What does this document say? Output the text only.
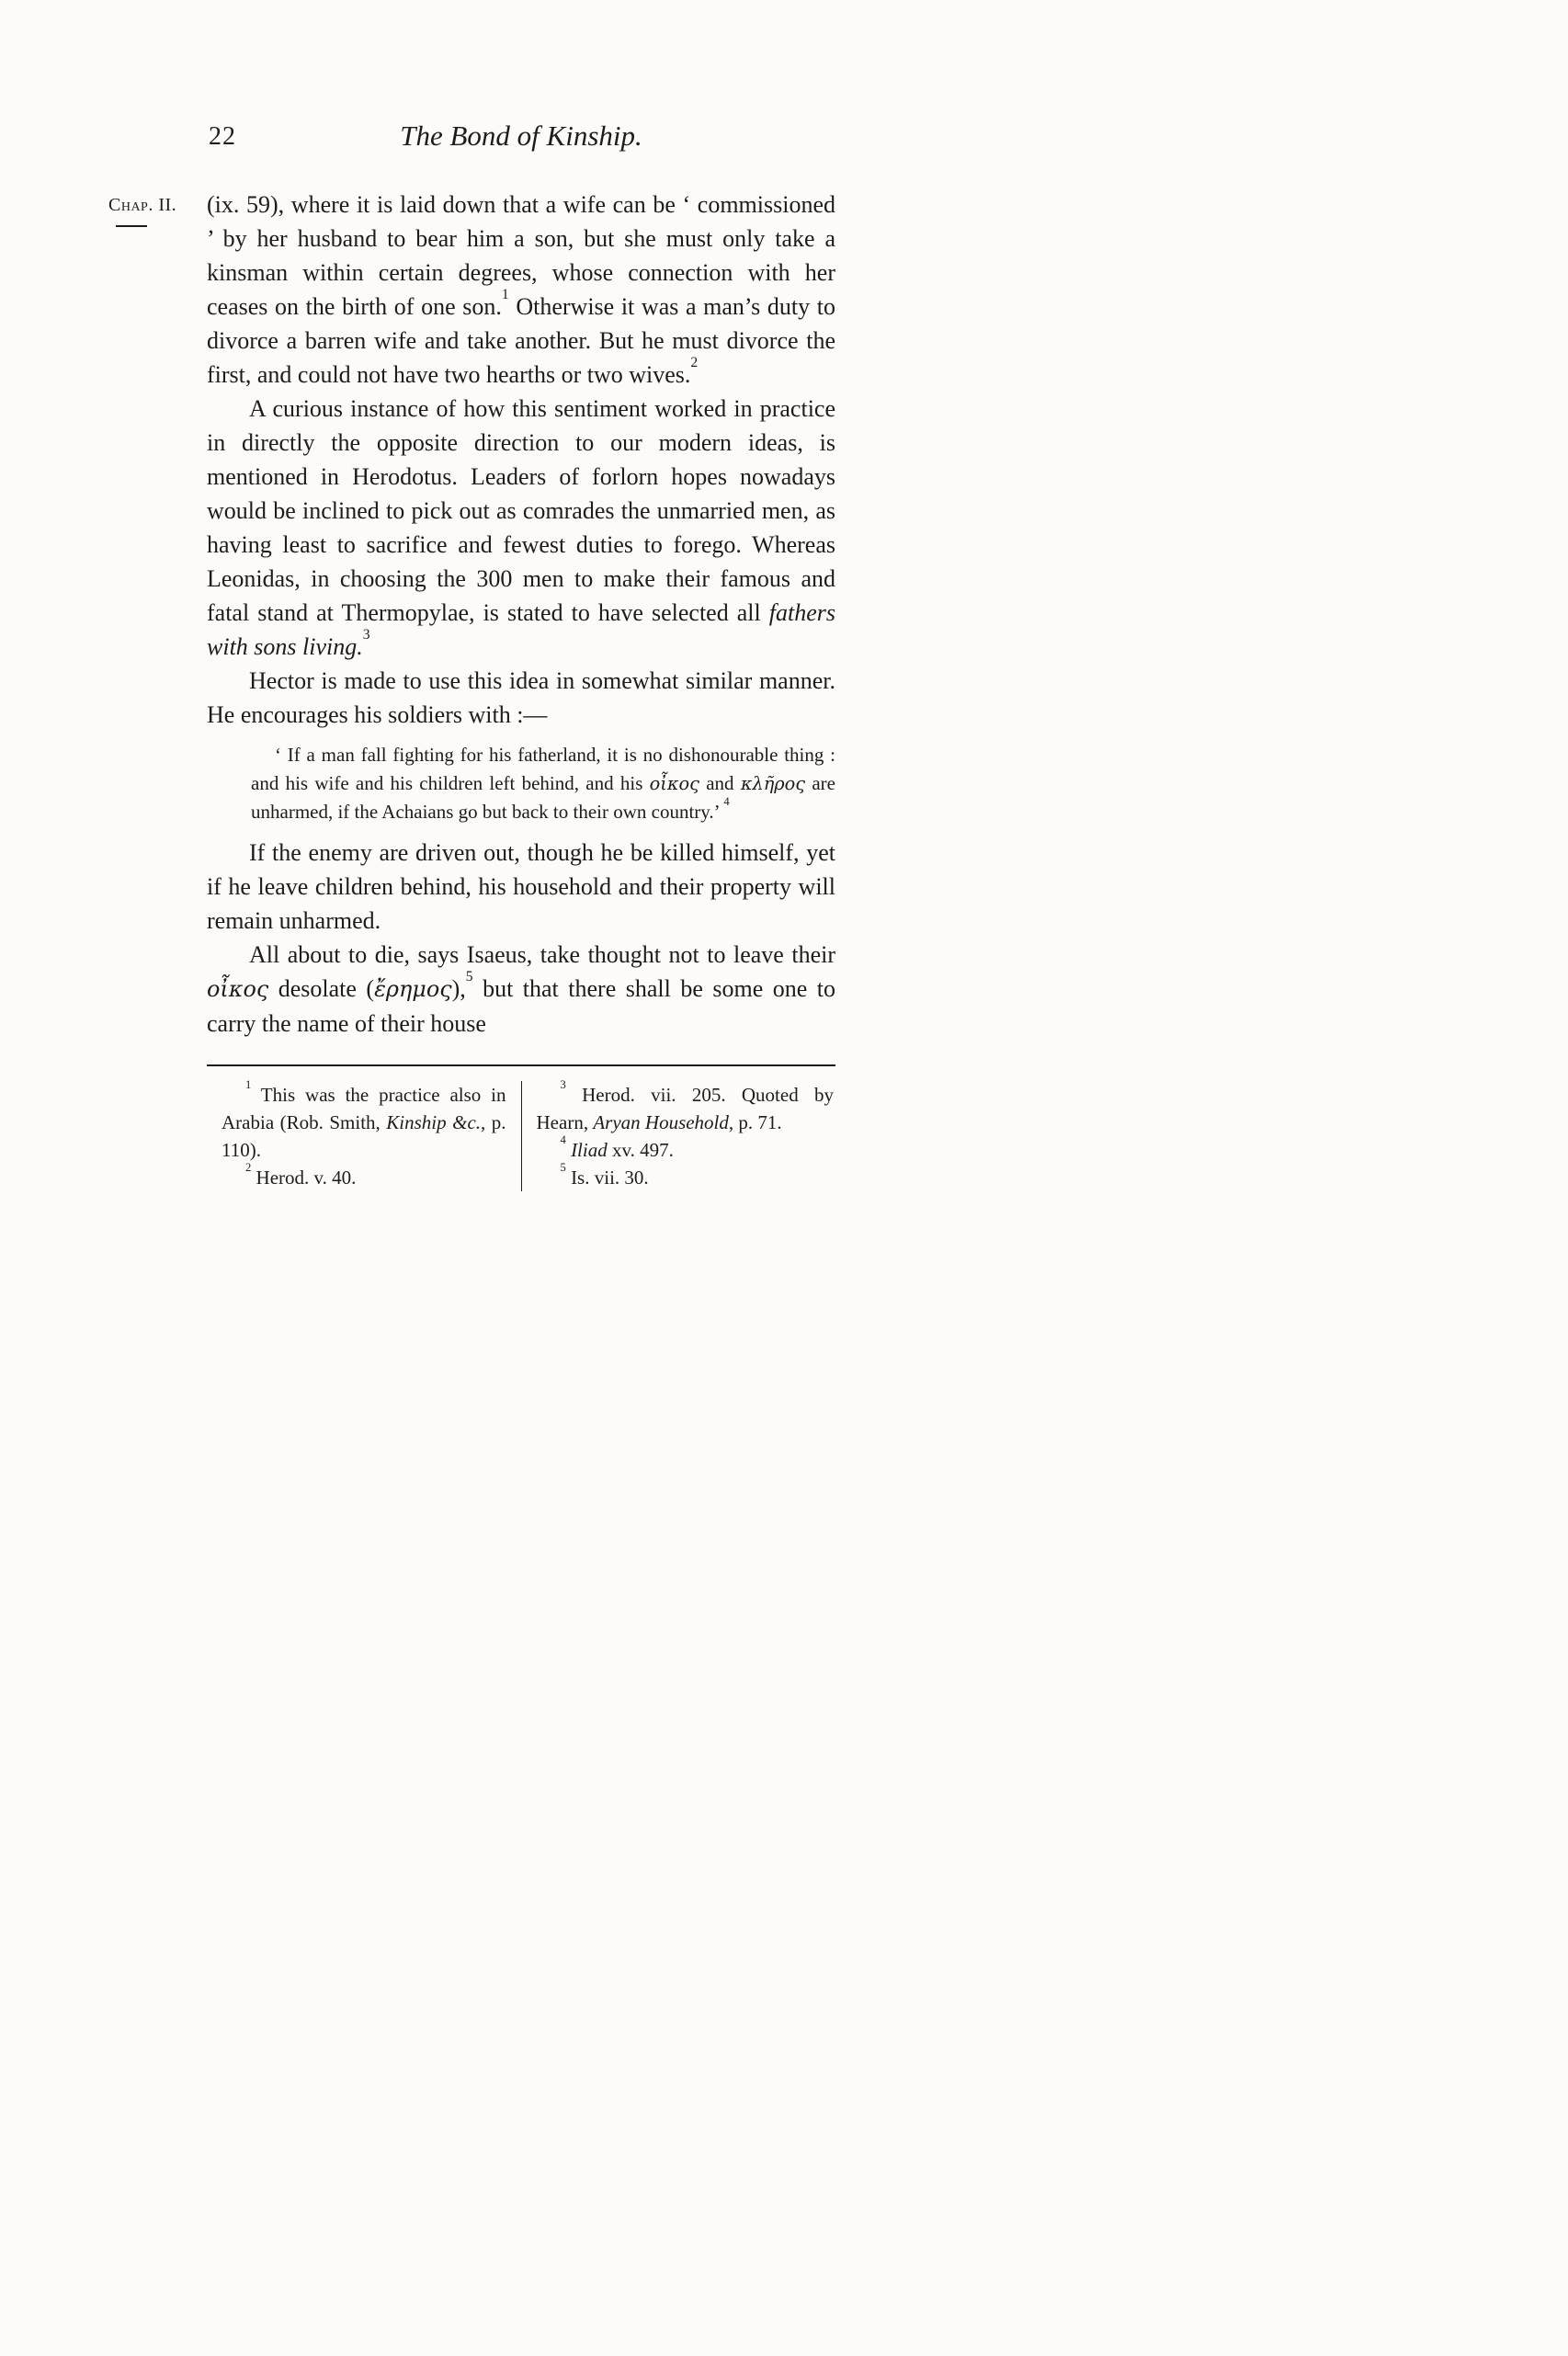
Chap. II.
22	The Bond of Kinship.

(ix. 59), where it is laid down that a wife can be ‘ commissioned ’ by her husband to bear him a son, but she must only take a kinsman within certain degrees, whose connection with her ceases on the birth of one son.$^1$ Otherwise it was a man’s duty to divorce a barren wife and take another. But he must divorce the first, and could not have two hearths or two wives.$^2$

A curious instance of how this sentiment worked in practice in directly the opposite direction to our modern ideas, is mentioned in Herodotus. Leaders of forlorn hopes nowadays would be inclined to pick out as comrades the unmarried men, as having least to sacrifice and fewest duties to forego. Whereas Leonidas, in choosing the 300 men to make their famous and fatal stand at Thermopylae, is stated to have selected all fathers with sons living.$^3$

Hector is made to use this idea in somewhat similar manner. He encourages his soldiers with :—

‘ If a man fall fighting for his fatherland, it is no dishonourable thing : and his wife and his children left behind, and his οἶκος and κλῆρος are unharmed, if the Achaians go but back to their own country.’ $^4$

If the enemy are driven out, though he be killed himself, yet if he leave children behind, his household and their property will remain unharmed.

All about to die, says Isaeus, take thought not to leave their οἶκος desolate (ἔρημος),$^5$ but that there shall be some one to carry the name of their house

$^1$ This was the practice also in Arabia (Rob. Smith, Kinship &c., p. 110).

$^2$ Herod. v. 40.

$^3$ Herod. vii. 205. Quoted by Hearn, Aryan Household, p. 71.

$^4$ Iliad xv. 497.

$^5$ Is. vii. 30.
